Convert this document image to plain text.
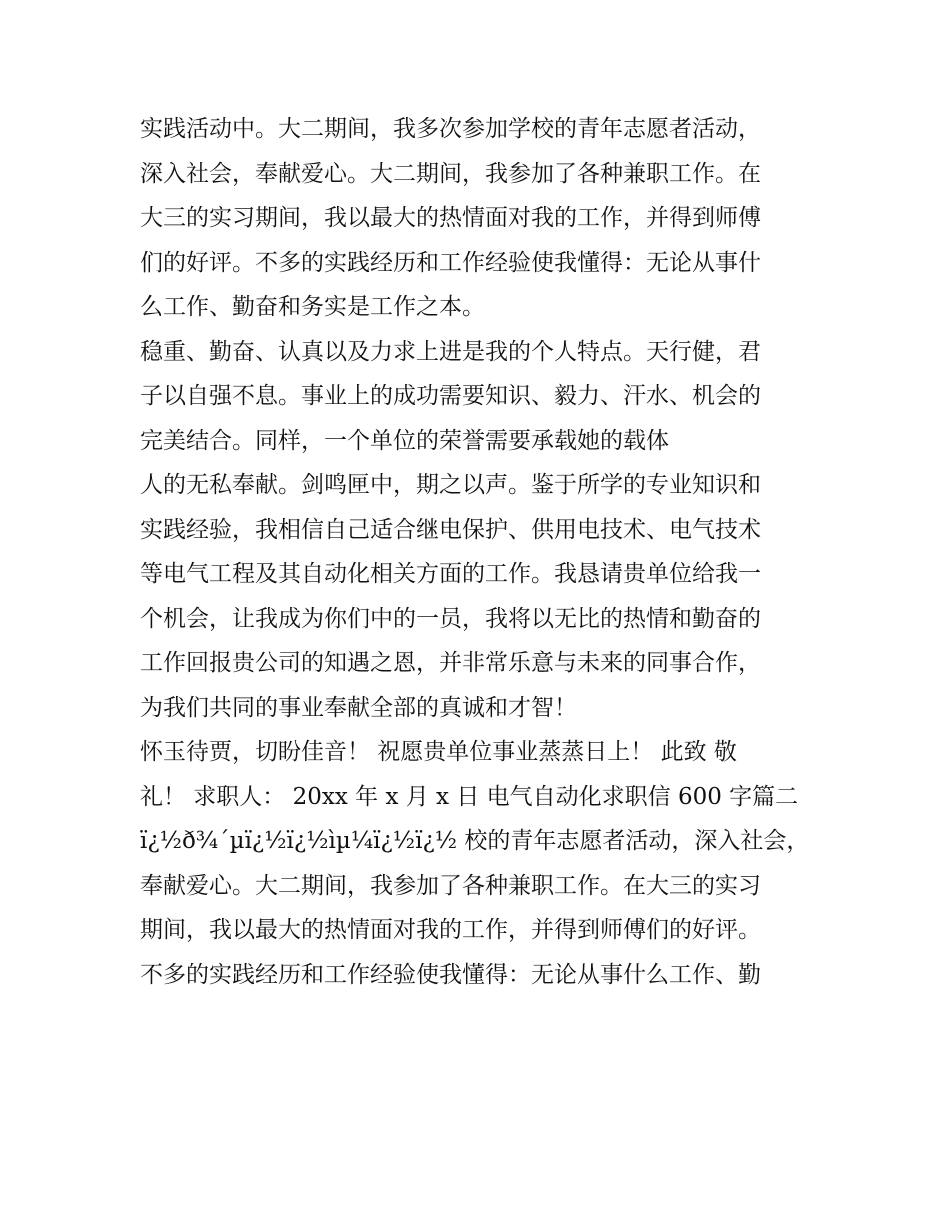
实践活动中。大二期间，我多次参加学校的青年志愿者活动，
深入社会，奉献爱心。大二期间，我参加了各种兼职工作。在
大三的实习期间，我以最大的热情面对我的工作，并得到师傅
们的好评。不多的实践经历和工作经验使我懂得：无论从事什
么工作、勤奋和务实是工作之本。
稳重、勤奋、认真以及力求上进是我的个人特点。天行健，君
子以自强不息。事业上的成功需要知识、毅力、汗水、机会的
完美结合。同样，一个单位的荣誉需要承载她的载体
人的无私奉献。剑鸣匣中，期之以声。鉴于所学的专业知识和
实践经验，我相信自己适合继电保护、供用电技术、电气技术
等电气工程及其自动化相关方面的工作。我恳请贵单位给我一
个机会，让我成为你们中的一员，我将以无比的热情和勤奋的
工作回报贵公司的知遇之恩，并非常乐意与未来的同事合作，
为我们共同的事业奉献全部的真诚和才智！
怀玉待贾，切盼佳音！ 祝愿贵单位事业蒸蒸日上！ 此致 敬
礼！ 求职人： 20xx 年 x 月 x 日 电气自动化求职信 600 字篇二
ï¿½ð¾´µï¿½ï¿½ìµ¼ï¿½ï¿½ 校的青年志愿者活动，深入社会，
奉献爱心。大二期间，我参加了各种兼职工作。在大三的实习
期间，我以最大的热情面对我的工作，并得到师傅们的好评。
不多的实践经历和工作经验使我懂得：无论从事什么工作、勤
